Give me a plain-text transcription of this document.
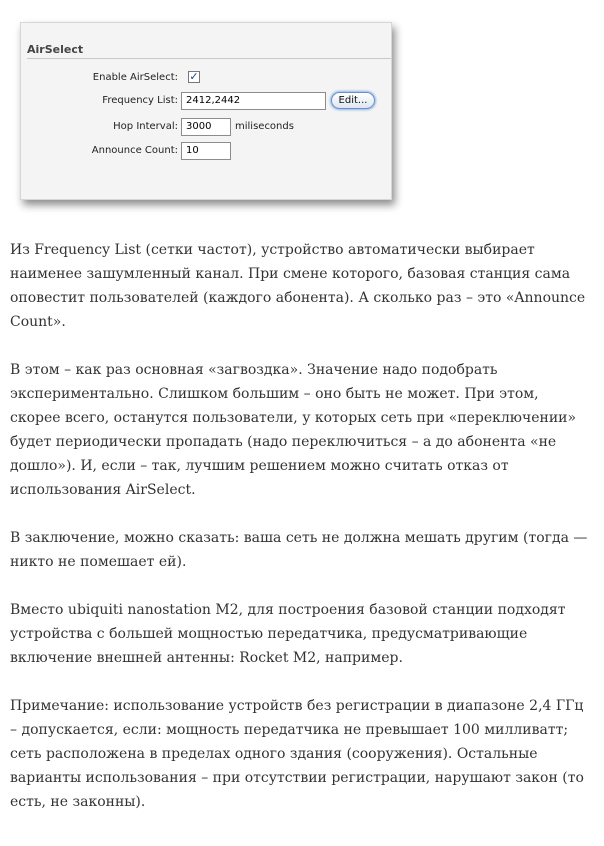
AirSelect
Enable AirSelect: ✓
Frequency List: 2412,2442	Edit...
Hop Interval: 3000	miliseconds
Announce Count: 10

Из Frequency List (сетки частот), устройство автоматически выбирает наименее зашумленный канал. При смене которого, базовая станция сама оповестит пользователей (каждого абонента). А сколько раз – это «Announce Count».

В этом – как раз основная «загвоздка». Значение надо подобрать экспериментально. Слишком большим – оно быть не может. При этом, скорее всего, останутся пользователи, у которых сеть при «переключении» будет периодически пропадать (надо переключиться – а до абонента «не дошло»). И, если – так, лучшим решением можно считать отказ от использования AirSelect.

В заключение, можно сказать: ваша сеть не должна мешать другим (тогда — никто не помешает ей).

Вместо ubiquiti nanostation M2, для построения базовой станции подходят устройства с большей мощностью передатчика, предусматривающие включение внешней антенны: Rocket M2, например.

Примечание: использование устройств без регистрации в диапазоне 2,4 ГГц – допускается, если: мощность передатчика не превышает 100 милливатт; сеть расположена в пределах одного здания (сооружения). Остальные варианты использования – при отсутствии регистрации, нарушают закон (то есть, не законны).
